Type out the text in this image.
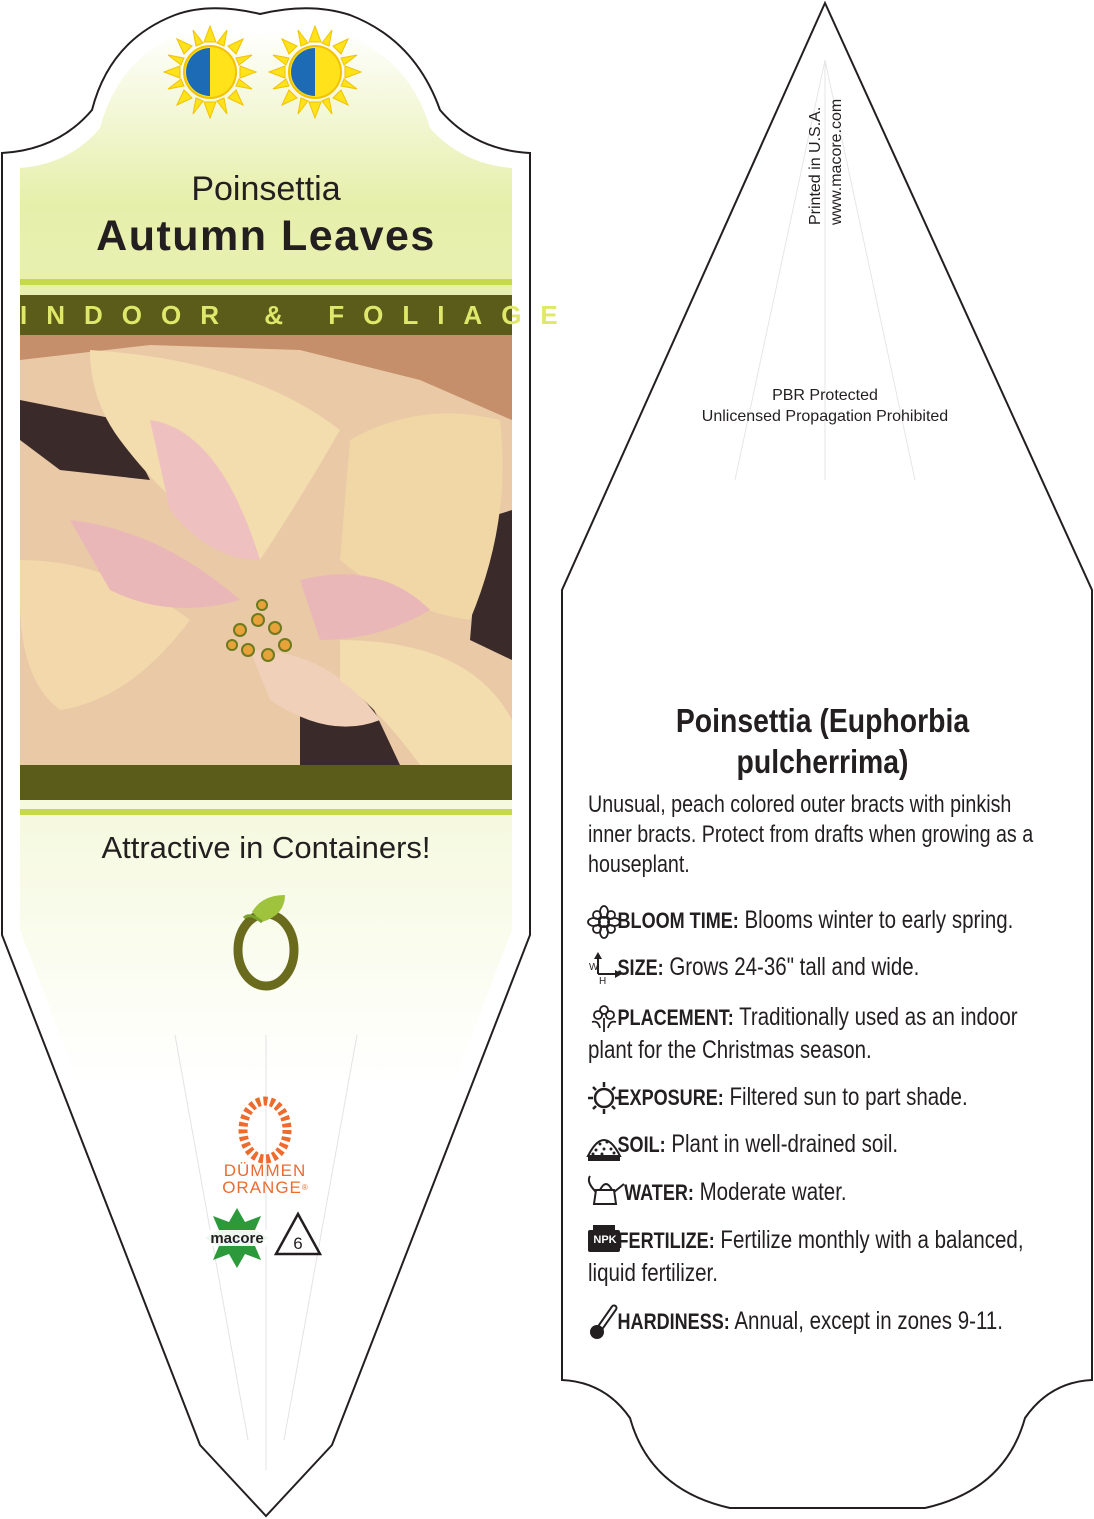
Poinsettia
Autumn Leaves
INDOOR & FOLIAGE
Attractive in Containers!
DÜMMEN
ORANGE®
macore	6
Printed in U.S.A. www.macore.com
PBR Protected
Unlicensed Propagation Prohibited
Poinsettia (Euphorbia pulcherrima)
Unusual, peach colored outer bracts with pinkish inner bracts. Protect from drafts when growing as a houseplant.
BLOOM TIME: Blooms winter to early spring.
SIZE: Grows 24-36" tall and wide.
W
H
PLACEMENT: Traditionally used as an indoor plant for the Christmas season.
EXPOSURE: Filtered sun to part shade.
SOIL: Plant in well-drained soil.
WATER: Moderate water.
NPK FERTILIZE: Fertilize monthly with a balanced, liquid fertilizer.
HARDINESS: Annual, except in zones 9-11.
